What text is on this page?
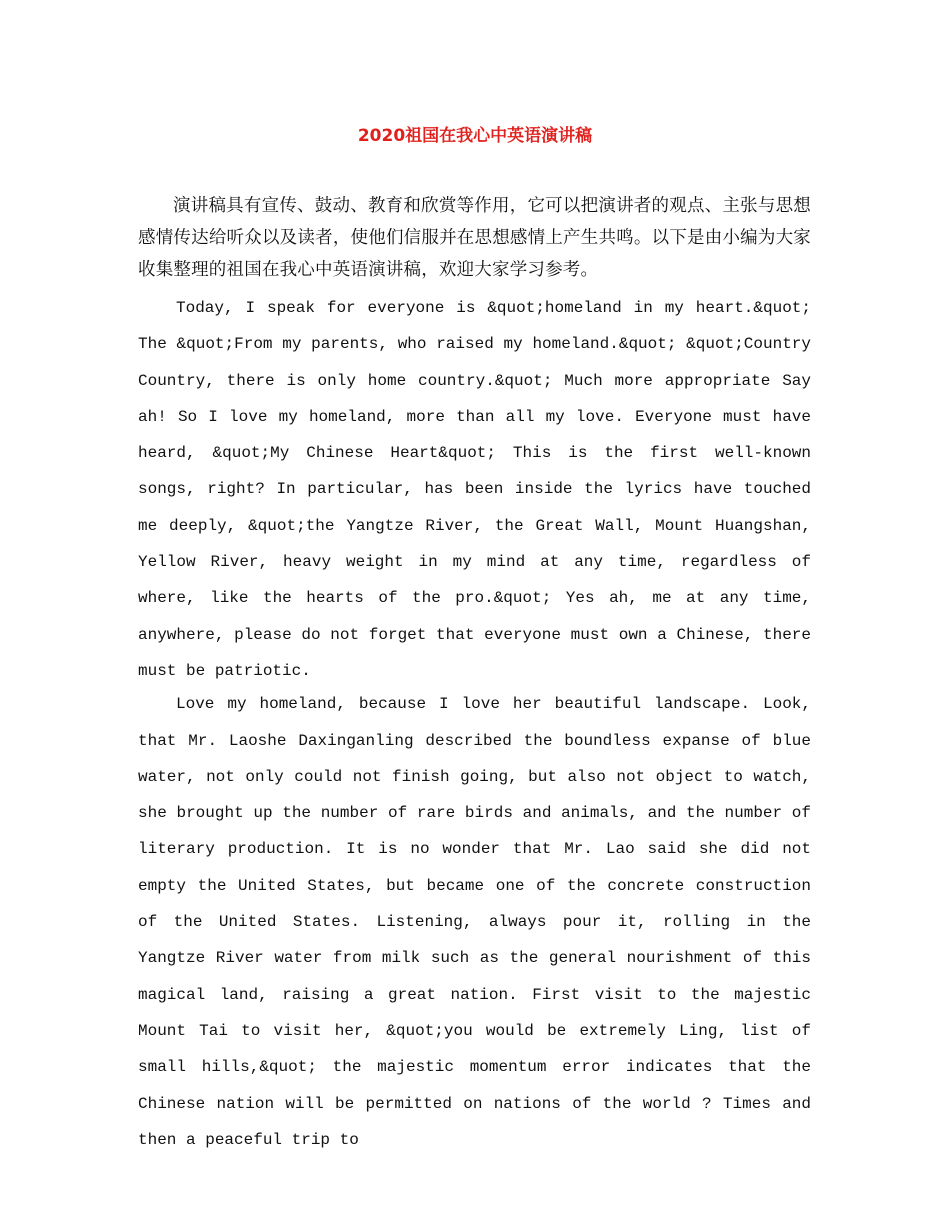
2020祖国在我心中英语演讲稿

演讲稿具有宣传、鼓动、教育和欣赏等作用，它可以把演讲者的观点、主张与思想感情传达给听众以及读者，使他们信服并在思想感情上产生共鸣。以下是由小编为大家收集整理的祖国在我心中英语演讲稿，欢迎大家学习参考。

Today, I speak for everyone is &quot;homeland in my heart.&quot; The &quot;From my parents, who raised my homeland.&quot; &quot;Country Country, there is only home country.&quot; Much more appropriate Say ah! So I love my homeland, more than all my love. Everyone must have heard, &quot;My Chinese Heart&quot; This is the first well-known songs, right? In particular, has been inside the lyrics have touched me deeply, &quot;the Yangtze River, the Great Wall, Mount Huangshan, Yellow River, heavy weight in my mind at any time, regardless of where, like the hearts of the pro.&quot; Yes ah, me at any time, anywhere, please do not forget that everyone must own a Chinese, there must be patriotic.

Love my homeland, because I love her beautiful landscape. Look, that Mr. Laoshe Daxinganling described the boundless expanse of blue water, not only could not finish going, but also not object to watch, she brought up the number of rare birds and animals, and the number of literary production. It is no wonder that Mr. Lao said she did not empty the United States, but became one of the concrete construction of the United States. Listening, always pour it, rolling in the Yangtze River water from milk such as the general nourishment of this magical land, raising a great nation. First visit to the majestic Mount Tai to visit her, &quot;you would be extremely Ling, list of small hills,&quot; the majestic momentum error indicates that the Chinese nation will be permitted on nations of the world ? Times and then a peaceful trip to
